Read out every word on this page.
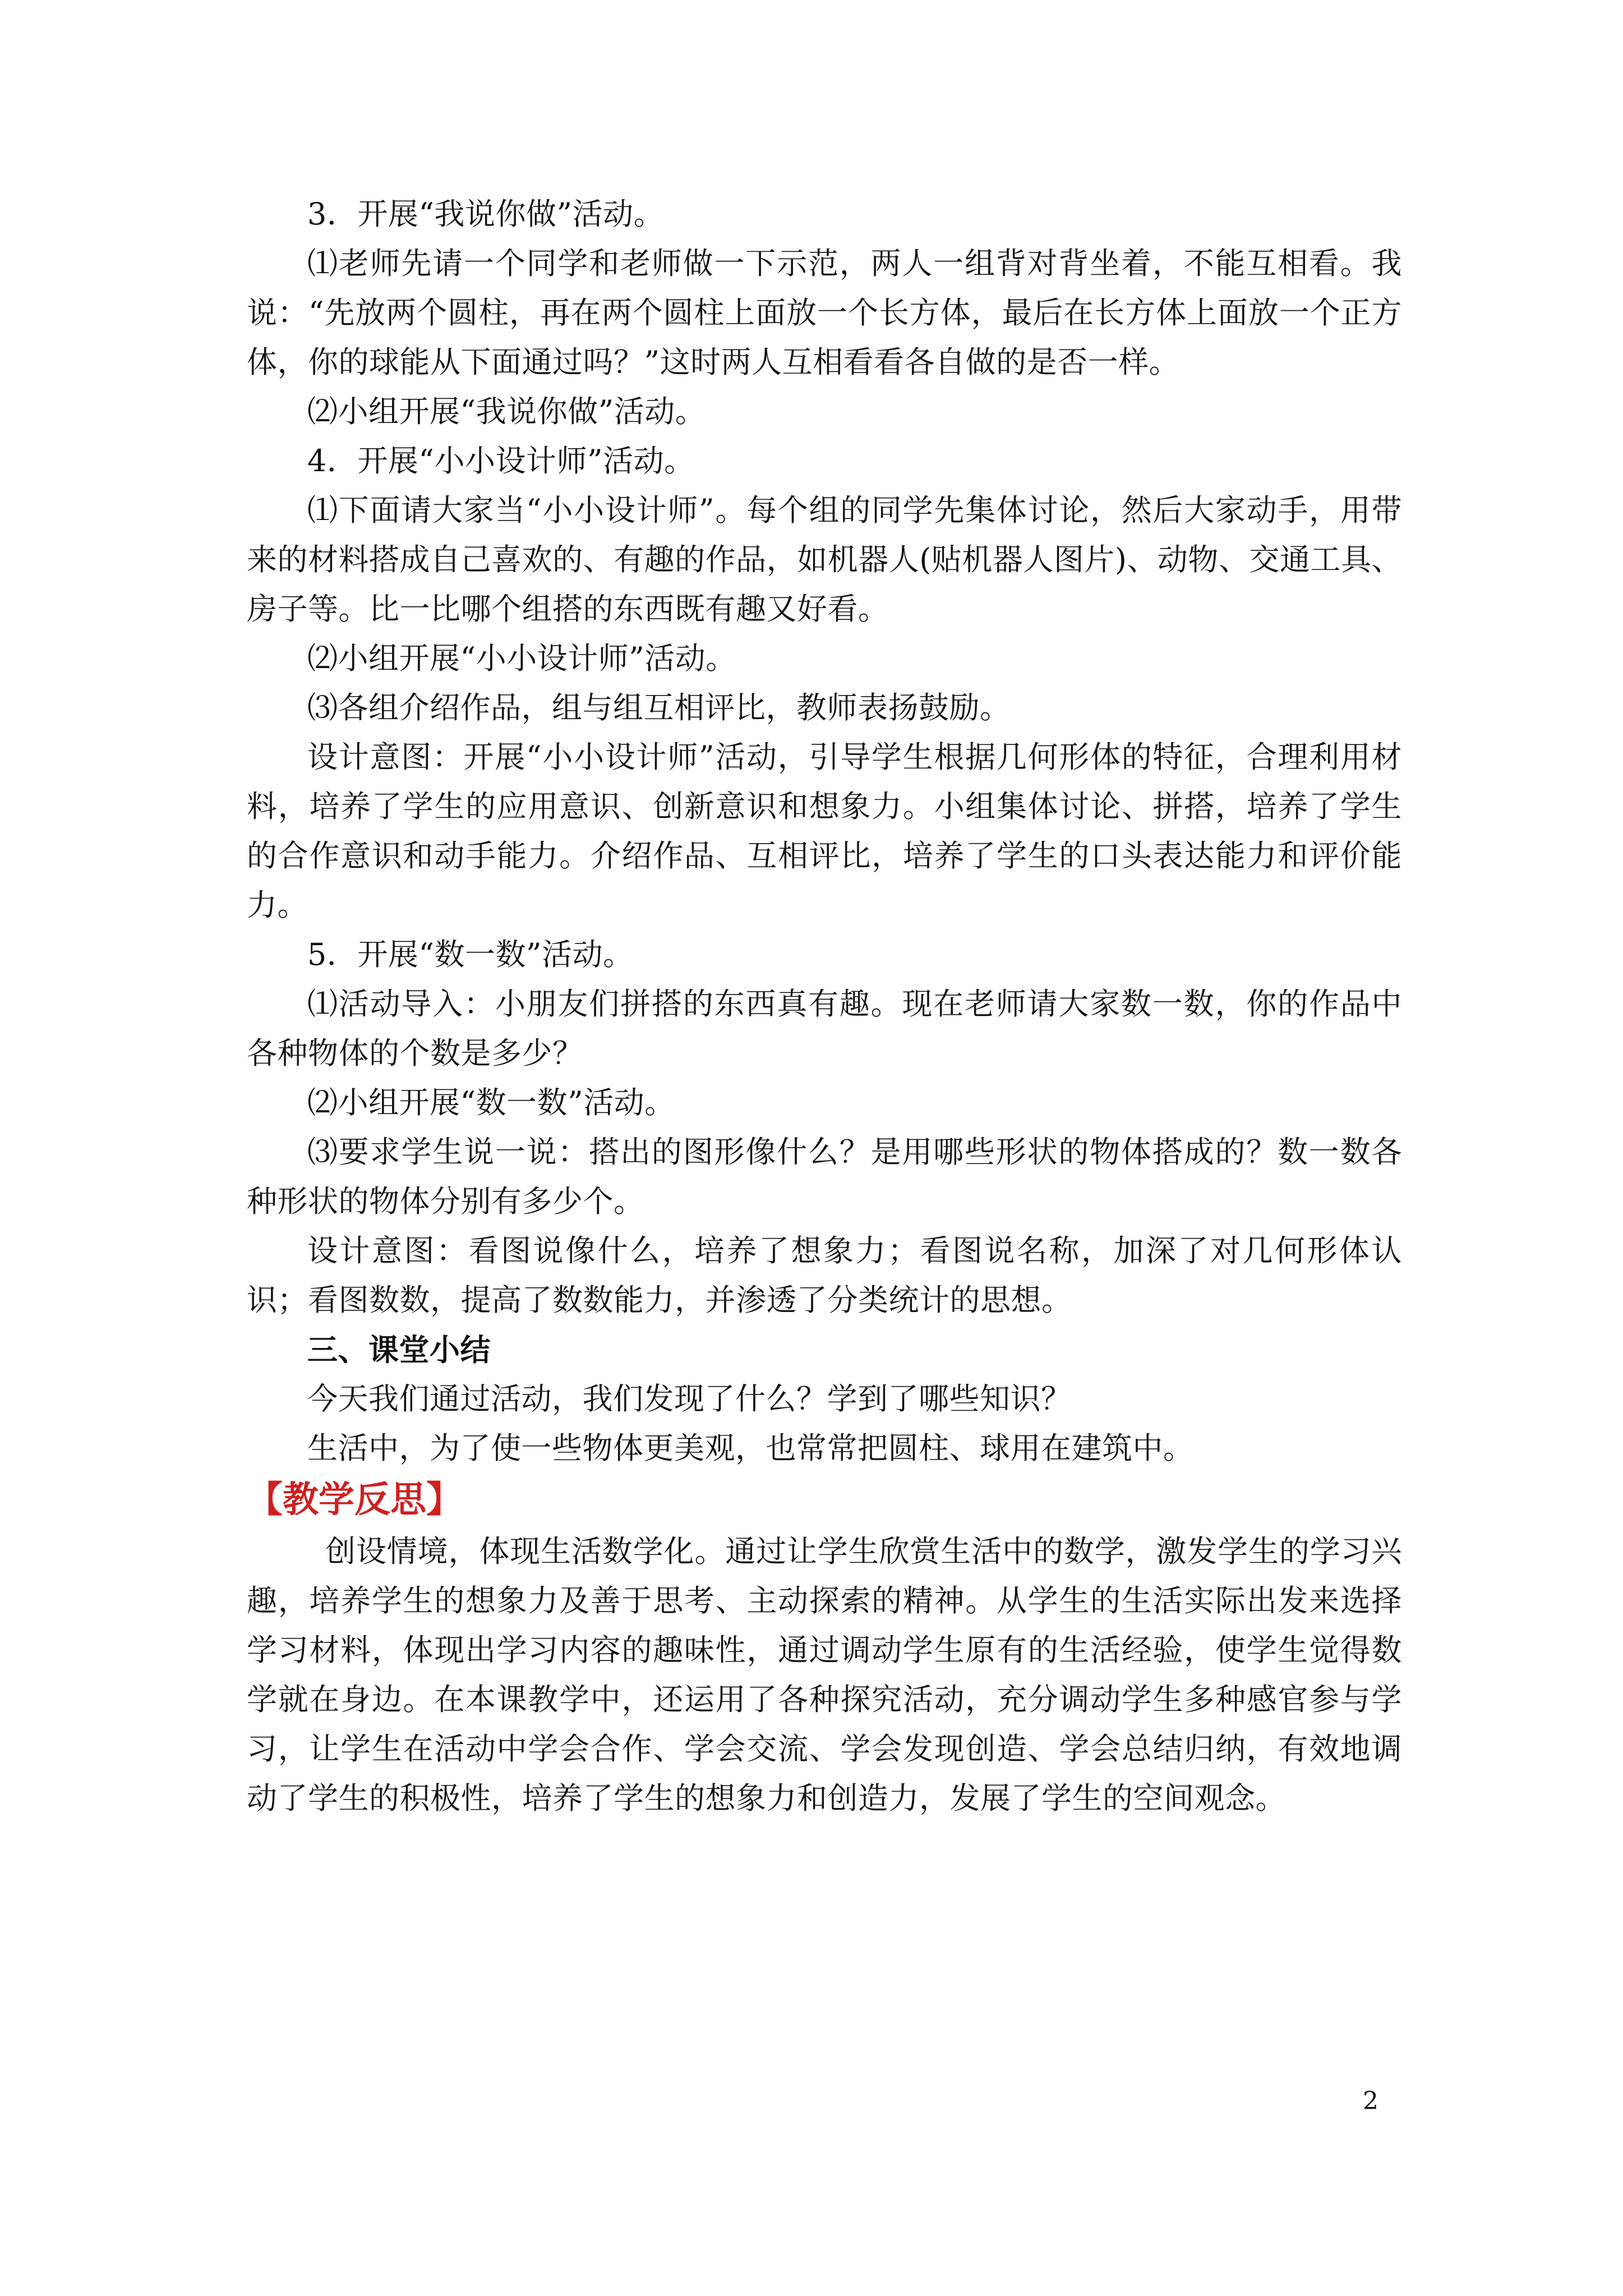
3．开展“我说你做”活动。

⑴老师先请一个同学和老师做一下示范，两人一组背对背坐着，不能互相看。我说：“先放两个圆柱，再在两个圆柱上面放一个长方体，最后在长方体上面放一个正方体，你的球能从下面通过吗？”这时两人互相看看各自做的是否一样。

⑵小组开展“我说你做”活动。

4．开展“小小设计师”活动。

⑴下面请大家当“小小设计师”。每个组的同学先集体讨论，然后大家动手，用带来的材料搭成自己喜欢的、有趣的作品，如机器人(贴机器人图片)、动物、交通工具、房子等。比一比哪个组搭的东西既有趣又好看。

⑵小组开展“小小设计师”活动。

⑶各组介绍作品，组与组互相评比，教师表扬鼓励。

设计意图：开展“小小设计师”活动，引导学生根据几何形体的特征，合理利用材料，培养了学生的应用意识、创新意识和想象力。小组集体讨论、拼搭，培养了学生的合作意识和动手能力。介绍作品、互相评比，培养了学生的口头表达能力和评价能力。

5．开展“数一数”活动。

⑴活动导入：小朋友们拼搭的东西真有趣。现在老师请大家数一数，你的作品中各种物体的个数是多少？

⑵小组开展“数一数”活动。

⑶要求学生说一说：搭出的图形像什么？是用哪些形状的物体搭成的？数一数各种形状的物体分别有多少个。

设计意图：看图说像什么，培养了想象力；看图说名称，加深了对几何形体认识；看图数数，提高了数数能力，并渗透了分类统计的思想。

三、课堂小结

今天我们通过活动，我们发现了什么？学到了哪些知识？

生活中，为了使一些物体更美观，也常常把圆柱、球用在建筑中。

【教学反思】

创设情境，体现生活数学化。通过让学生欣赏生活中的数学，激发学生的学习兴趣，培养学生的想象力及善于思考、主动探索的精神。从学生的生活实际出发来选择学习材料，体现出学习内容的趣味性，通过调动学生原有的生活经验，使学生觉得数学就在身边。在本课教学中，还运用了各种探究活动，充分调动学生多种感官参与学习，让学生在活动中学会合作、学会交流、学会发现创造、学会总结归纳，有效地调动了学生的积极性，培养了学生的想象力和创造力，发展了学生的空间观念。

2
